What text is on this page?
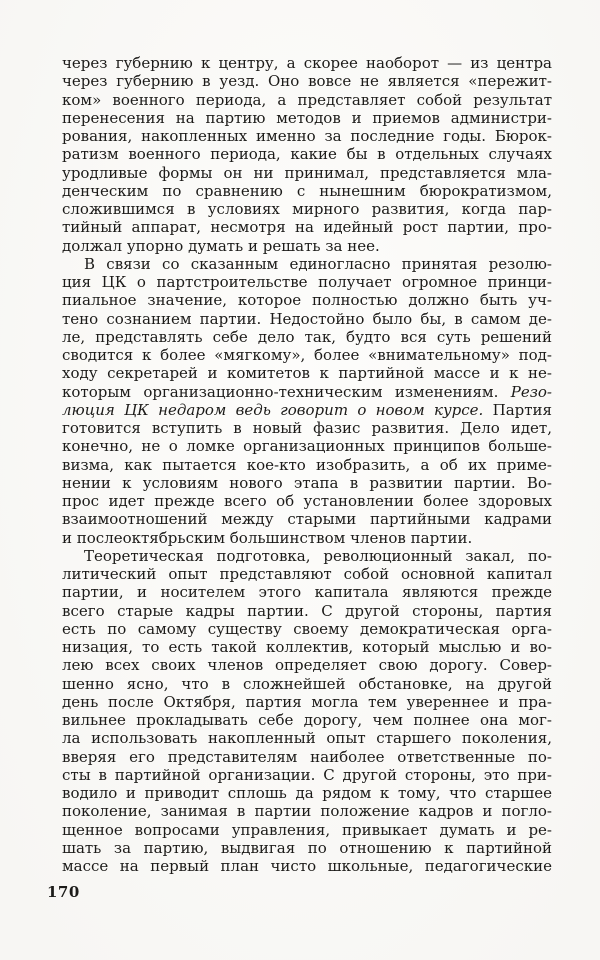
через губернию к центру, а скорее наоборот — из центра
через губернию в уезд. Оно вовсе не является «пережит-
ком» военного периода, а представляет собой результат
перенесения на партию методов и приемов администри-
рования, накопленных именно за последние годы. Бюрок-
ратизм военного периода, какие бы в отдельных случаях
уродливые формы он ни принимал, представляется мла-
денческим по сравнению с нынешним бюрократизмом,
сложившимся в условиях мирного развития, когда пар-
тийный аппарат, несмотря на идейный рост партии, про-
должал упорно думать и решать за нее.
В связи со сказанным единогласно принятая резолю-
ция ЦК о партстроительстве получает огромное принци-
пиальное значение, которое полностью должно быть уч-
тено сознанием партии. Недостойно было бы, в самом де-
ле, представлять себе дело так, будто вся суть решений
сводится к более «мягкому», более «внимательному» под-
ходу секретарей и комитетов к партийной массе и к не-
которым организационно-техническим изменениям. Резо-
люция ЦК недаром ведь говорит о новом курсе. Партия
готовится вступить в новый фазис развития. Дело идет,
конечно, не о ломке организационных принципов больше-
визма, как пытается кое-кто изобразить, а об их приме-
нении к условиям нового этапа в развитии партии. Во-
прос идет прежде всего об установлении более здоровых
взаимоотношений между старыми партийными кадрами
и послеоктябрьским большинством членов партии.
Теоретическая подготовка, революционный закал, по-
литический опыт представляют собой основной капитал
партии, и носителем этого капитала являются прежде
всего старые кадры партии. С другой стороны, партия
есть по самому существу своему демократическая орга-
низация, то есть такой коллектив, который мыслью и во-
лею всех своих членов определяет свою дорогу. Совер-
шенно ясно, что в сложнейшей обстановке, на другой
день после Октября, партия могла тем увереннее и пра-
вильнее прокладывать себе дорогу, чем полнее она мог-
ла использовать накопленный опыт старшего поколения,
вверяя его представителям наиболее ответственные по-
сты в партийной организации. С другой стороны, это при-
водило и приводит сплошь да рядом к тому, что старшее
поколение, занимая в партии положение кадров и погло-
щенное вопросами управления, привыкает думать и ре-
шать за партию, выдвигая по отношению к партийной
массе на первый план чисто школьные, педагогические
170
